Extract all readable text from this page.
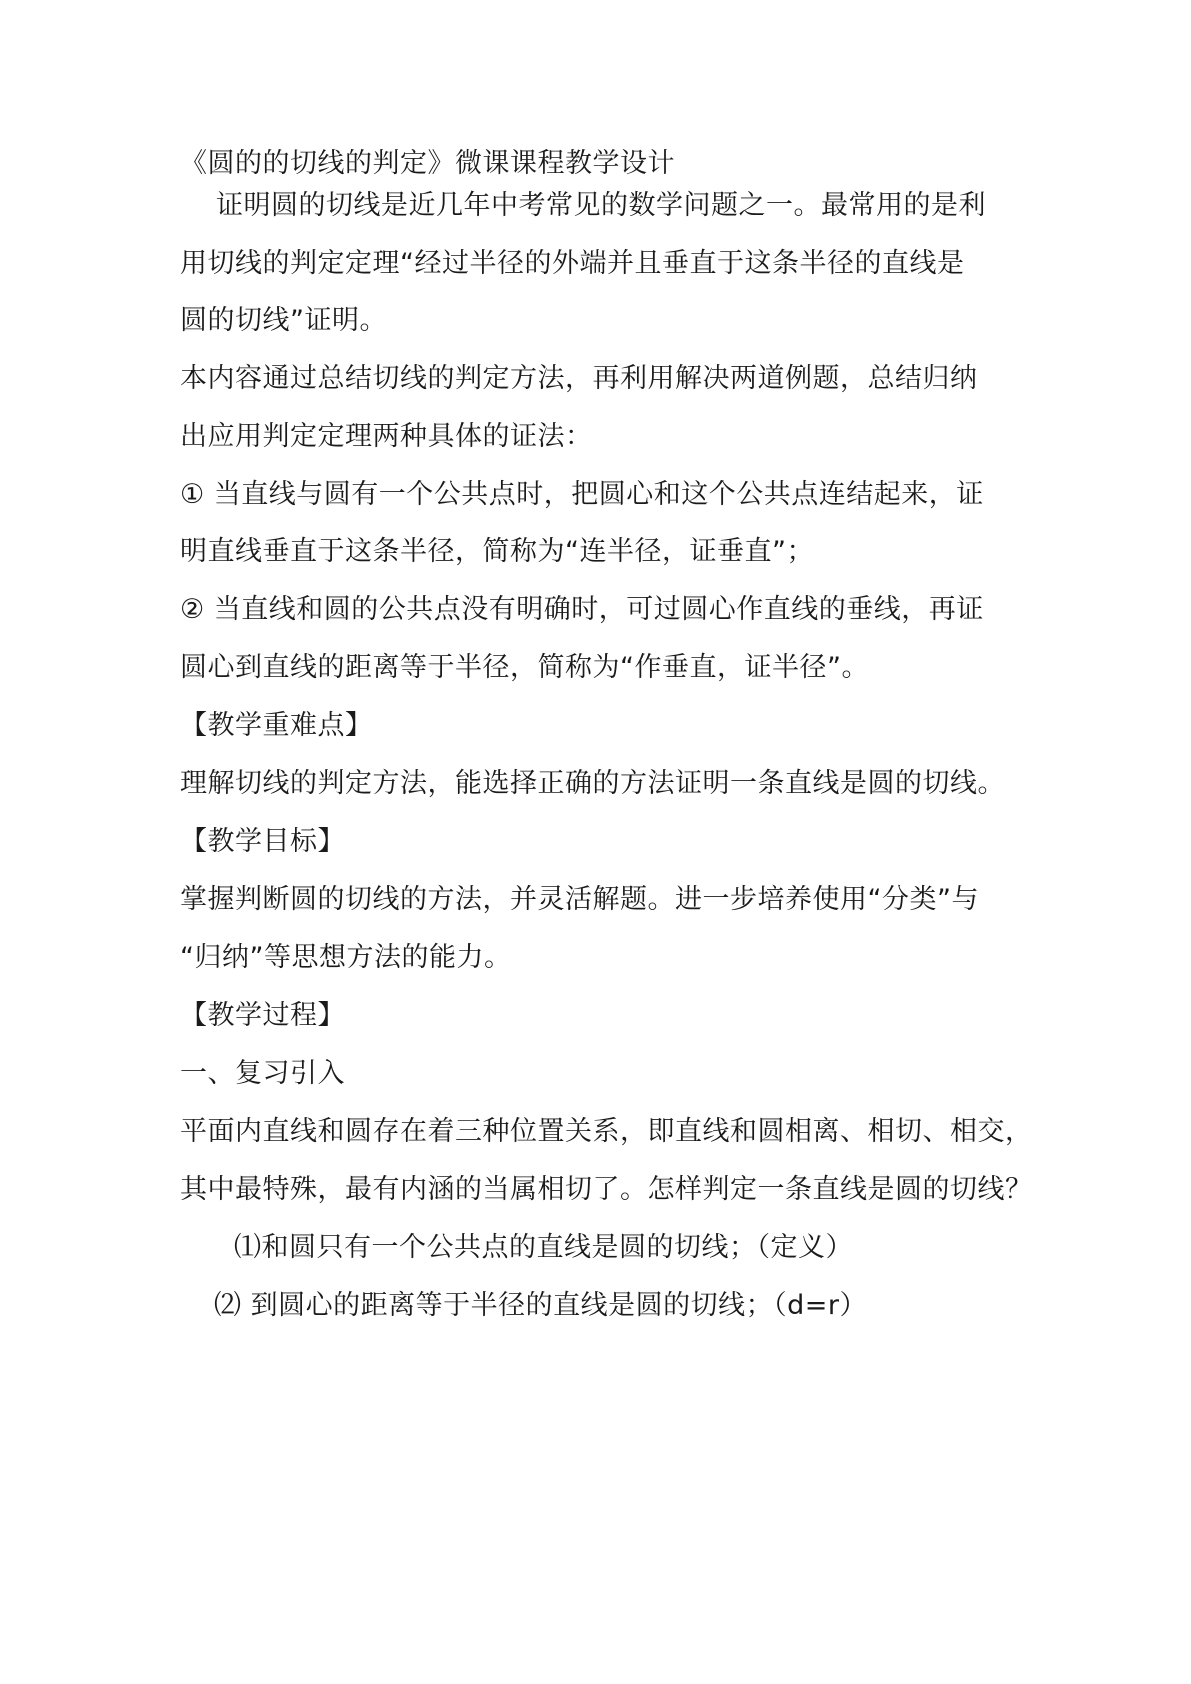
《圆的的切线的判定》微课课程教学设计

证明圆的切线是近几年中考常见的数学问题之一。最常用的是利

用切线的判定定理“经过半径的外端并且垂直于这条半径的直线是

圆的切线”证明。

本内容通过总结切线的判定方法，再利用解决两道例题，总结归纳

出应用判定定理两种具体的证法：

① 当直线与圆有一个公共点时，把圆心和这个公共点连结起来，证

明直线垂直于这条半径，简称为“连半径，证垂直”；

② 当直线和圆的公共点没有明确时，可过圆心作直线的垂线，再证

圆心到直线的距离等于半径，简称为“作垂直，证半径”。

【教学重难点】

理解切线的判定方法，能选择正确的方法证明一条直线是圆的切线。

【教学目标】

掌握判断圆的切线的方法，并灵活解题。进一步培养使用“分类”与

“归纳”等思想方法的能力。

【教学过程】

一、复习引入

平面内直线和圆存在着三种位置关系，即直线和圆相离、相切、相交，

其中最特殊，最有内涵的当属相切了。怎样判定一条直线是圆的切线？

⑴和圆只有一个公共点的直线是圆的切线；（定义）

⑵ 到圆心的距离等于半径的直线是圆的切线；（d=r）
